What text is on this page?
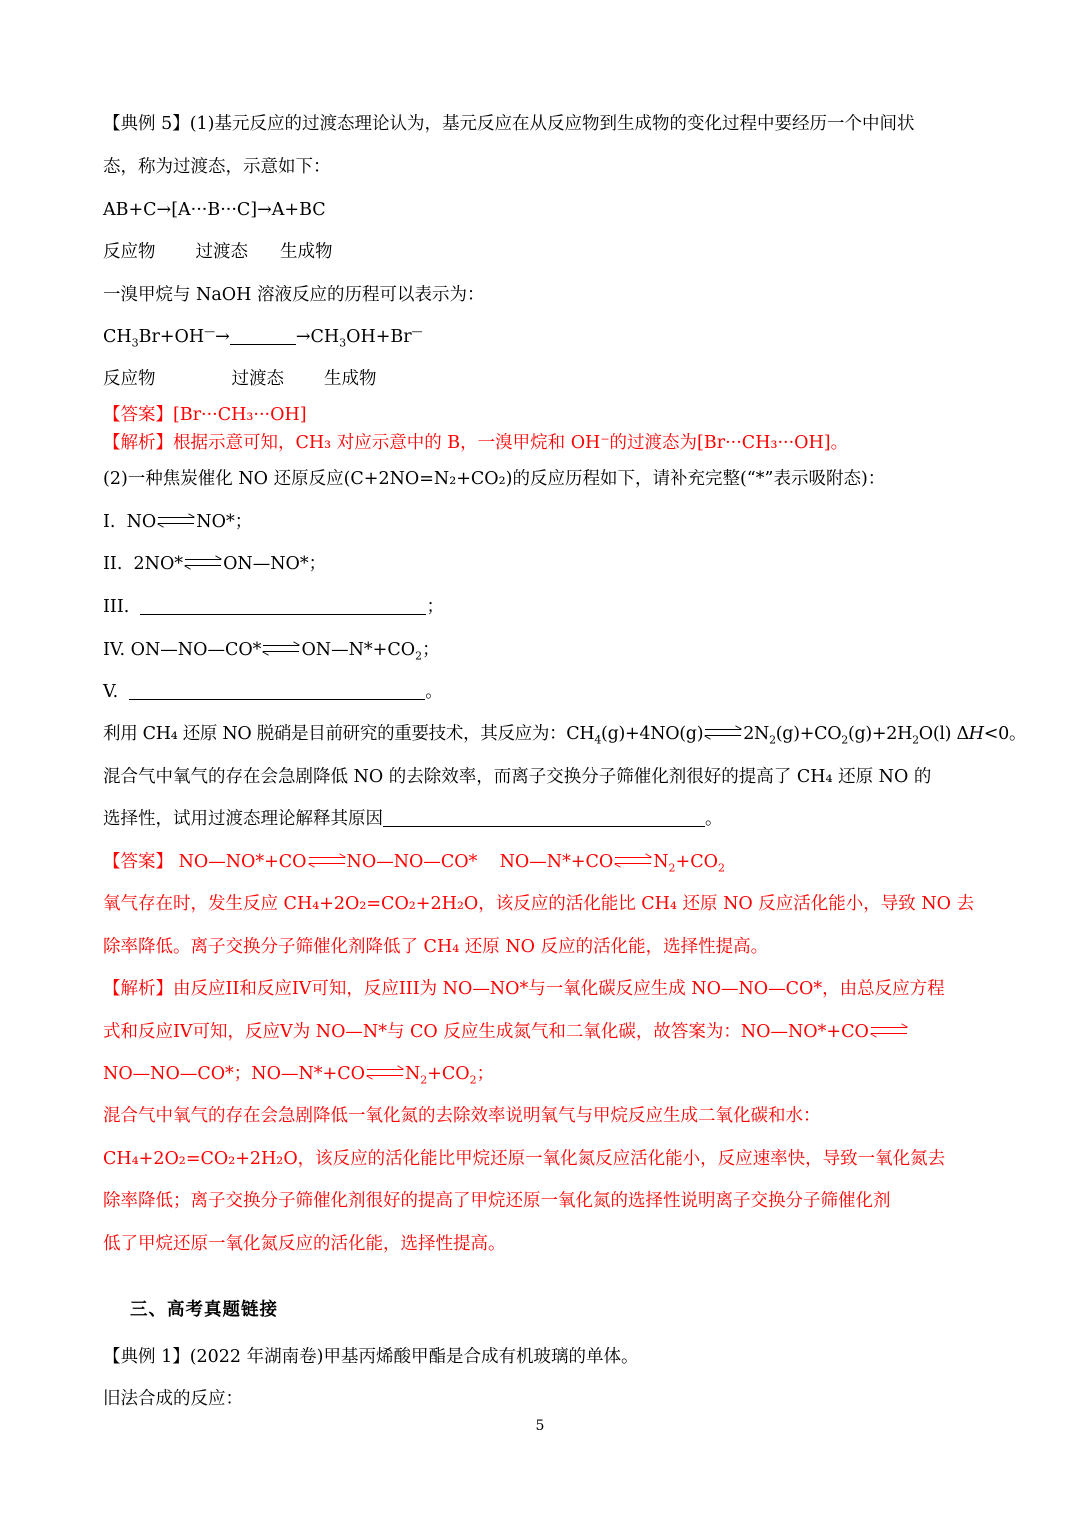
【典例 5】(1)基元反应的过渡态理论认为，基元反应在从反应物到生成物的变化过程中要经历一个中间状
态，称为过渡态，示意如下：
AB+C→[A···B···C]→A+BC
反应物 过渡态 生成物
一溴甲烷与 NaOH 溶液反应的历程可以表示为：
$CH_3Br+OH^—\to$	$\to CH_3OH+Br^—$
反应物	过渡态 生成物
【答案】[Br···CH₃···OH]
【解析】根据示意可知，CH₃ 对应示意中的 B，一溴甲烷和 OH⁻的过渡态为[Br···CH₃···OH]。
(2)一种焦炭催化 NO 还原反应(C+2NO=N₂+CO₂)的反应历程如下，请补充完整(“*”表示吸附态)：
I.  NO NO*；
II.  2NO* ON—NO*；
III.	；
IV. ON—NO—CO* $ON—N*+CO_2$；
V.	。
利用 CH₄ 还原 NO 脱硝是目前研究的重要技术，其反应为：$CH_4(g)+4NO(g)$ $2N_2(g)+CO_2(g)+2H_2O(l)$ ΔH<0。
混合气中氧气的存在会急剧降低 NO 的去除效率，而离子交换分子筛催化剂很好的提高了 CH₄ 还原 NO 的
选择性，试用过渡态理论解释其原因	。
【答案】 NO—NO*+CO NO—NO—CO*    NO—N*+CO $N_2+CO_2$
氧气存在时，发生反应 CH₄+2O₂=CO₂+2H₂O，该反应的活化能比 CH₄ 还原 NO 反应活化能小，导致 NO 去
除率降低。离子交换分子筛催化剂降低了 CH₄ 还原 NO 反应的活化能，选择性提高。
【解析】由反应II和反应IV可知，反应III为 NO—NO*与一氧化碳反应生成 NO—NO—CO*，由总反应方程
式和反应IV可知，反应V为 NO—N*与 CO 反应生成氮气和二氧化碳，故答案为：NO—NO*+CO
NO—NO—CO*；NO—N*+CO $N_2+CO_2$；
混合气中氧气的存在会急剧降低一氧化氮的去除效率说明氧气与甲烷反应生成二氧化碳和水：
CH₄+2O₂=CO₂+2H₂O，该反应的活化能比甲烷还原一氧化氮反应活化能小，反应速率快，导致一氧化氮去
除率降低；离子交换分子筛催化剂很好的提高了甲烷还原一氧化氮的选择性说明离子交换分子筛催化剂
低了甲烷还原一氧化氮反应的活化能，选择性提高。
三、高考真题链接
【典例 1】(2022 年湖南卷)甲基丙烯酸甲酯是合成有机玻璃的单体。
旧法合成的反应：
5
